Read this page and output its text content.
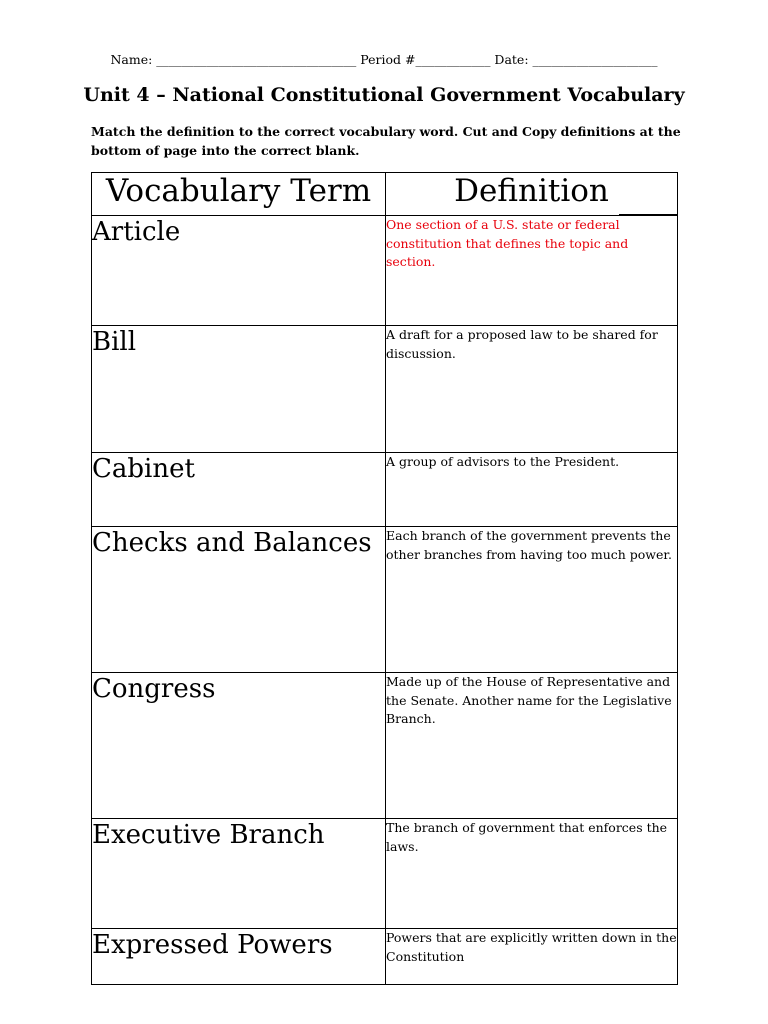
Name: ________________________________ Period #____________ Date: ____________________
Unit 4 – National Constitutional Government Vocabulary
Match the definition to the correct vocabulary word. Cut and Copy definitions at the bottom of page into the correct blank.
Vocabulary Term	Definition

Article	One section of a U.S. state or federal constitution that defines the topic and section.
Bill	A draft for a proposed law to be shared for discussion.
Cabinet	A group of advisors to the President.
Checks and Balances	Each branch of the government prevents the other branches from having too much power.
Congress	Made up of the House of Representative and the Senate. Another name for the Legislative Branch.
Executive Branch	The branch of government that enforces the laws.
Expressed Powers	Powers that are explicitly written down in the Constitution
